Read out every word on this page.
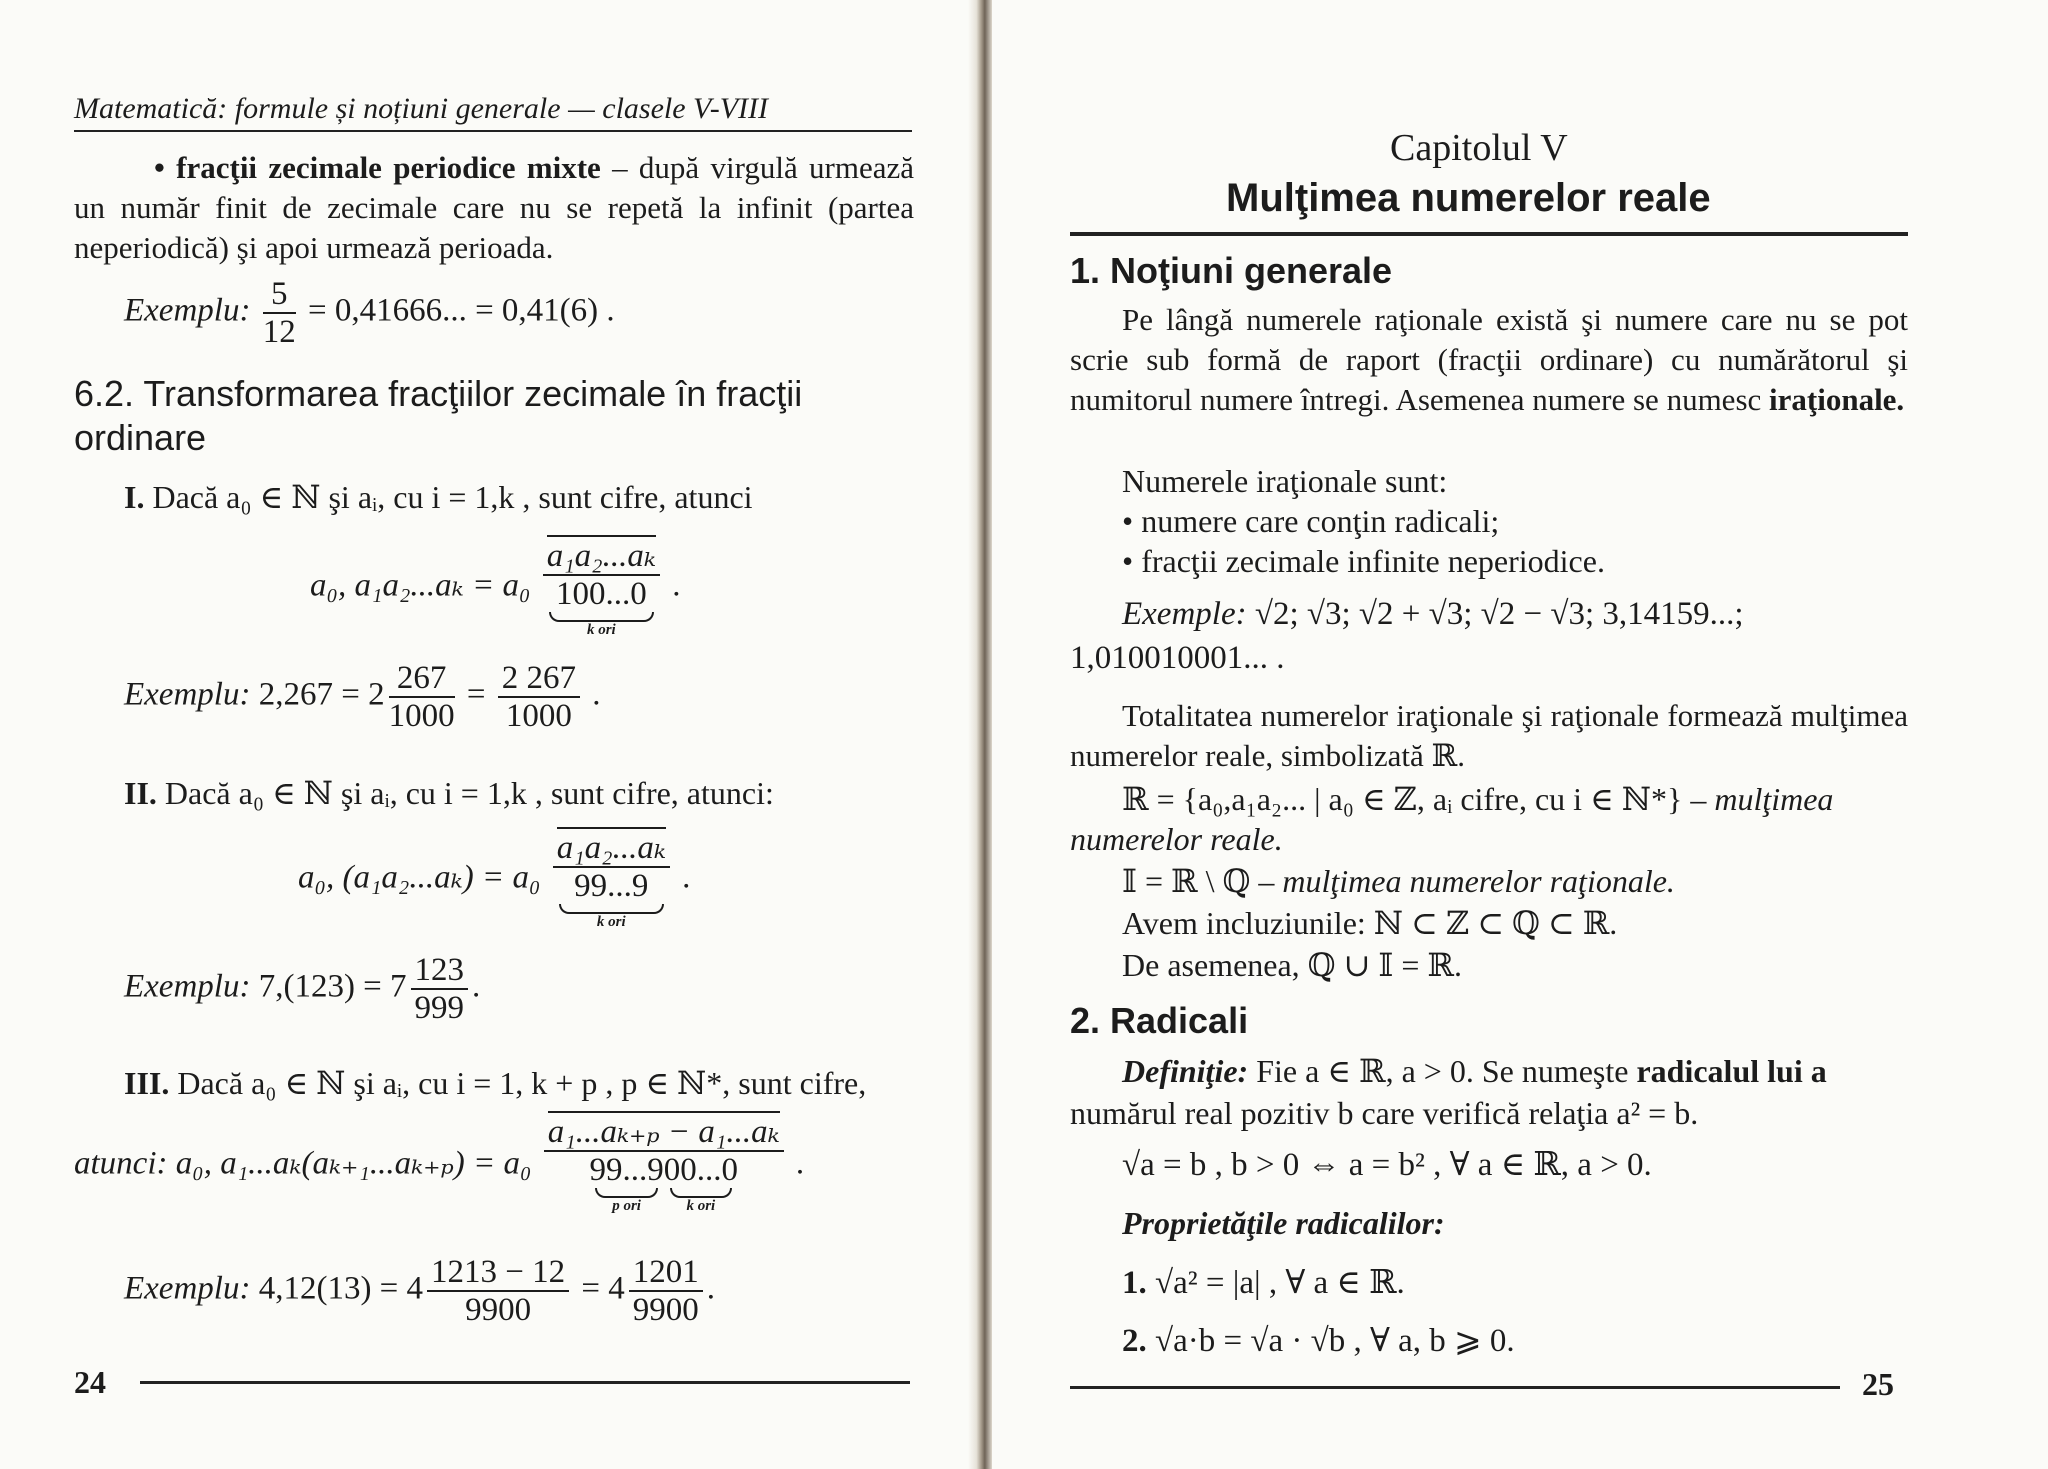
Matematică: formule și noțiuni generale — clasele V-VIII
• fracţii zecimale periodice mixte – după virgulă urmează un număr finit de zecimale care nu se repetă la infinit (partea neperiodică) şi apoi urmează perioada.
Exemplu: $\frac{5}{12} = 0,41666$... = 0,41(6) .
6.2. Transformarea fracţiilor zecimale în fracţii
ordinare
I. Dacă a₀ ∈ ℕ şi aᵢ, cu i = 1,k , sunt cifre, atunci
a₀, a₁a₂...aₖ = a₀
a₁a₂...aₖ
100...0
k ori
.
Exemplu: $2,267 = 2 \frac{267}{1000} = \frac{2 267}{1000}$ .
II. Dacă a₀ ∈ ℕ şi aᵢ, cu i = 1,k , sunt cifre, atunci:
a₀, (a₁a₂...aₖ) = a₀
a₁a₂...aₖ
99...9
k ori
.
Exemplu: $7,(123) = 7 \frac{123}{999}$ .
III. Dacă a₀ ∈ ℕ şi aᵢ, cu i = 1, k + p , p ∈ ℕ*, sunt cifre,
atunci: a₀, a₁...aₖ(aₖ₊₁...aₖ₊ₚ) = a₀ a₁...aₖ₊ₚ − a₁...aₖ
99...9
p ori
00...0
k ori .
Exemplu: $4,12(13) = 4 \frac{1213 - 12}{9900} = 4 \frac{1201}{9900}$ .
24
Capitolul V
Mulţimea numerelor reale
1. Noţiuni generale
Pe lângă numerele raţionale există şi numere care nu se pot scrie sub formă de raport (fracţii ordinare) cu numărătorul şi numitorul numere întregi. Asemenea numere se numesc iraţionale.
Numerele iraţionale sunt:
• numere care conţin radicali;
• fracţii zecimale infinite neperiodice.
Exemple: √2; √3; √2 + √3; √2 − √3; 3,14159...;
1,010010001... .
Totalitatea numerelor iraţionale şi raţionale formează mulţimea numerelor reale, simbolizată ℝ.
ℝ = {a₀,a₁a₂... | a₀ ∈ ℤ, aᵢ cifre, cu i ∈ ℕ*} – mulţimea
numerelor reale.
𝕀 = ℝ \ ℚ – mulţimea numerelor raţionale.
Avem incluziunile: ℕ ⊂ ℤ ⊂ ℚ ⊂ ℝ.
De asemenea, ℚ ∪ 𝕀 = ℝ.
2. Radicali
Definiţie: Fie a ∈ ℝ, a > 0. Se numeşte radicalul lui a
numărul real pozitiv b care verifică relaţia a² = b.
√a = b , b > 0 ⇔ a = b² , ∀ a ∈ ℝ, a > 0.
Proprietăţile radicalilor:
1. √a² = |a| , ∀ a ∈ ℝ.
2. √a·b = √a · √b , ∀ a, b ⩾ 0.
25
